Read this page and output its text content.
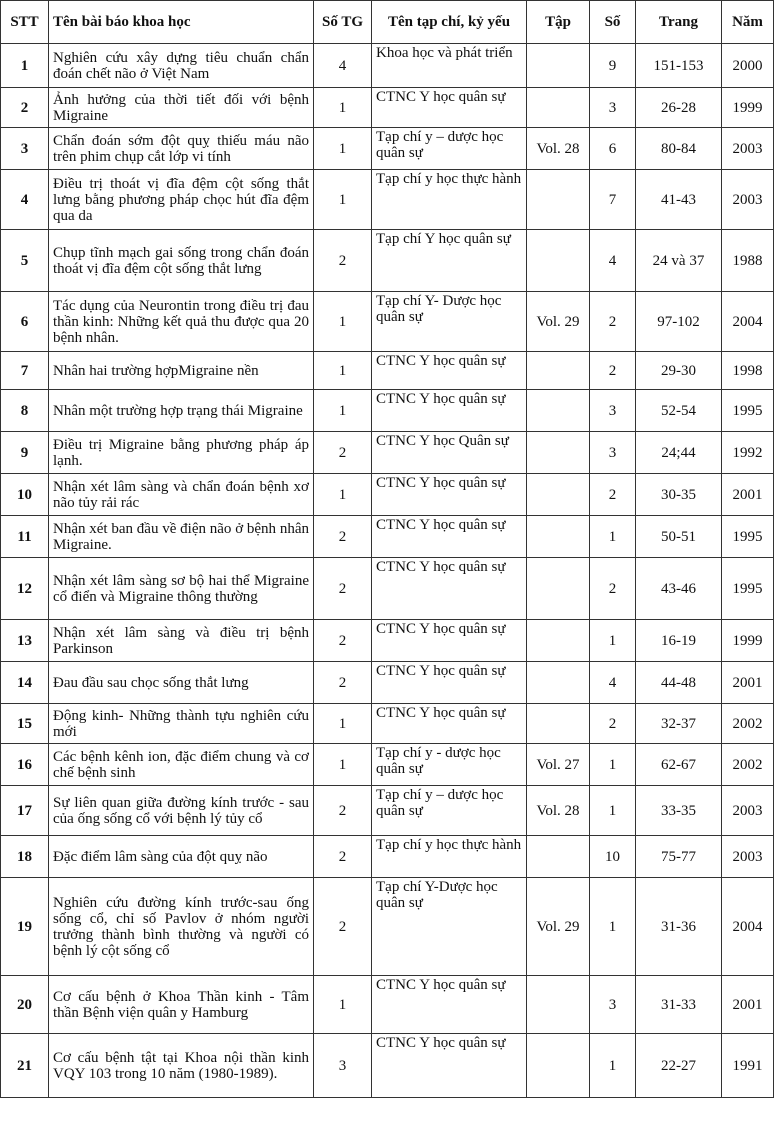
STT	Tên bài báo khoa học	Số TG	Tên tạp chí, kỷ yếu	Tập	Số	Trang	Năm
1	Nghiên cứu xây dựng tiêu chuẩn chẩn đoán chết não ở Việt Nam	4	Khoa học và phát triển		9	151-153	2000
2	Ảnh hưởng của thời tiết đối với bệnh Migraine	1	CTNC Y học quân sự		3	26-28	1999
3	Chẩn đoán sớm đột quỵ thiếu máu não trên phim chụp cắt lớp vi tính	1	Tạp chí y – dược học quân sự	Vol. 28	6	80-84	2003
4	Điều trị thoát vị đĩa đệm cột sống thắt lưng bằng phương pháp chọc hút đĩa đệm qua da	1	Tạp chí y học thực hành		7	41-43	2003
5	Chụp tĩnh mạch gai sống trong chẩn đoán thoát vị đĩa đệm cột sống thắt lưng	2	Tạp chí Y học quân sự		4	24 và 37	1988
6	Tác dụng của Neurontin trong điều trị đau thần kinh: Những kết quả thu được qua 20 bệnh nhân.	1	Tạp chí Y- Dược học quân sự	Vol. 29	2	97-102	2004
7	Nhân hai trường hợpMigraine nền	1	CTNC Y học quân sự		2	29-30	1998
8	Nhân một trường hợp trạng thái Migraine	1	CTNC Y học quân sự		3	52-54	1995
9	Điều trị Migraine bằng phương pháp áp lạnh.	2	CTNC Y học Quân sự		3	24;44	1992
10	Nhận xét lâm sàng và chẩn đoán bệnh xơ não tủy rải rác	1	CTNC Y học quân sự		2	30-35	2001
11	Nhận xét ban đầu về điện não ở bệnh nhân Migraine.	2	CTNC Y học quân sự		1	50-51	1995
12	Nhận xét lâm sàng sơ bộ hai thể Migraine cổ điển và Migraine thông thường	2	CTNC Y học quân sự		2	43-46	1995
13	Nhận xét lâm sàng và điều trị bệnh Parkinson	2	CTNC Y học quân sự		1	16-19	1999
14	Đau đầu sau chọc sống thắt lưng	2	CTNC Y học quân sự		4	44-48	2001
15	Động kinh- Những thành tựu nghiên cứu mới	1	CTNC Y học quân sự		2	32-37	2002
16	Các bệnh kênh ion, đặc điểm chung và cơ chế bệnh sinh	1	Tạp chí y - dược học quân sự	Vol. 27	1	62-67	2002
17	Sự liên quan giữa đường kính trước - sau của ống sống cổ với bệnh lý tủy cổ	2	Tạp chí y – dược học quân sự	Vol. 28	1	33-35	2003
18	Đặc điểm lâm sàng của đột quỵ não	2	Tạp chí y học thực hành		10	75-77	2003
19	Nghiên cứu đường kính trước-sau ống sống cổ, chỉ số Pavlov ở nhóm người trưởng thành bình thường và người có bệnh lý cột sống cổ	2	Tạp chí Y-Dược học quân sự	Vol. 29	1	31-36	2004
20	Cơ cấu bệnh ở Khoa Thần kinh - Tâm thần Bệnh viện quân y Hamburg	1	CTNC Y học quân sự		3	31-33	2001
21	Cơ cấu bệnh tật tại Khoa nội thần kinh VQY 103 trong 10 năm (1980-1989).	3	CTNC Y học quân sự		1	22-27	1991
